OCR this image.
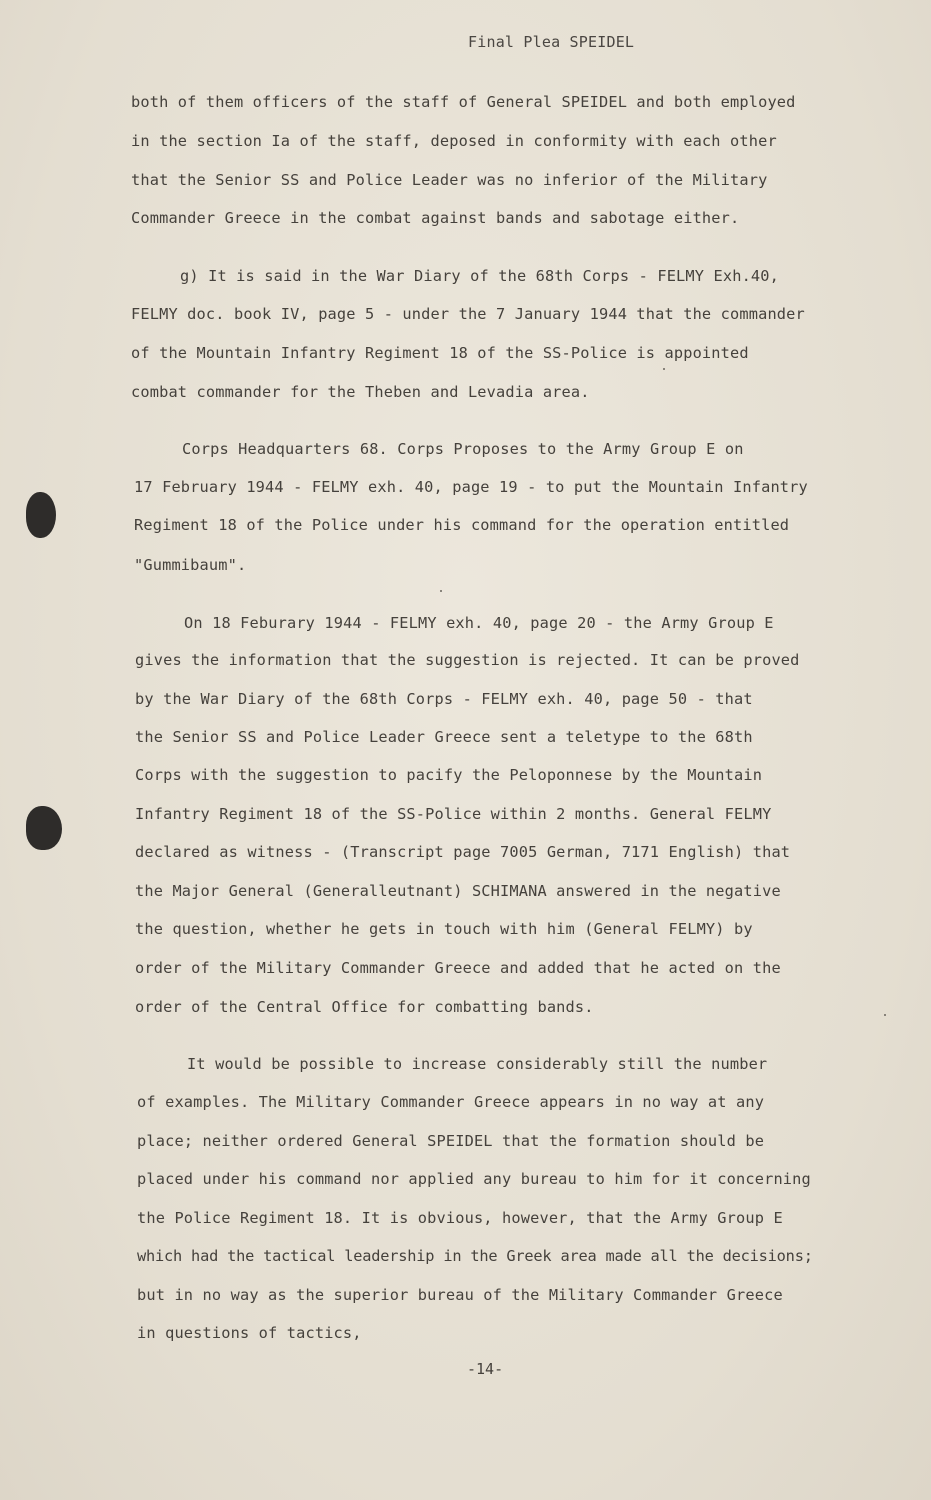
Final Plea SPEIDEL
both of them officers of the staff of General SPEIDEL and both employed
in the section Ia of the staff, deposed in conformity with each other
that the Senior SS and Police Leader was no inferior of the Military
Commander Greece in the combat against bands and sabotage either.
g) It is said in the War Diary of the 68th Corps - FELMY Exh.40,
FELMY doc. book IV, page 5 - under the 7 January 1944 that the commander
of the Mountain Infantry Regiment 18 of the SS-Police is appointed
combat commander for the Theben and Levadia area.
Corps Headquarters 68. Corps Proposes to the Army Group E on
17 February 1944 - FELMY exh. 40, page 19 - to put the Mountain Infantry
Regiment 18 of the Police under his command for the operation entitled
"Gummibaum".
On 18 Feburary 1944 - FELMY exh. 40, page 20 - the Army Group E
gives the information that the suggestion is rejected. It can be proved
by the War Diary of the 68th Corps - FELMY exh. 40, page 50 - that
the Senior SS and Police Leader Greece sent a teletype to the 68th
Corps with the suggestion to pacify the Peloponnese by the Mountain
Infantry Regiment 18 of the SS-Police within 2 months. General FELMY
declared as witness - (Transcript page 7005 German, 7171 English) that
the Major General (Generalleutnant) SCHIMANA answered in the negative
the question, whether he gets in touch with him (General FELMY) by
order of the Military Commander Greece and added that he acted on the
order of the Central Office for combatting bands.
It would be possible to increase considerably still the number
of examples. The Military Commander Greece appears in no way at any
place; neither ordered General SPEIDEL that the formation should be
placed under his command nor applied any bureau to him for it concerning
the Police Regiment 18. It is obvious, however, that the Army Group E
which had the tactical leadership in the Greek area made all the decisions;
but in no way as the superior bureau of the Military Commander Greece
in questions of tactics,
-14-
